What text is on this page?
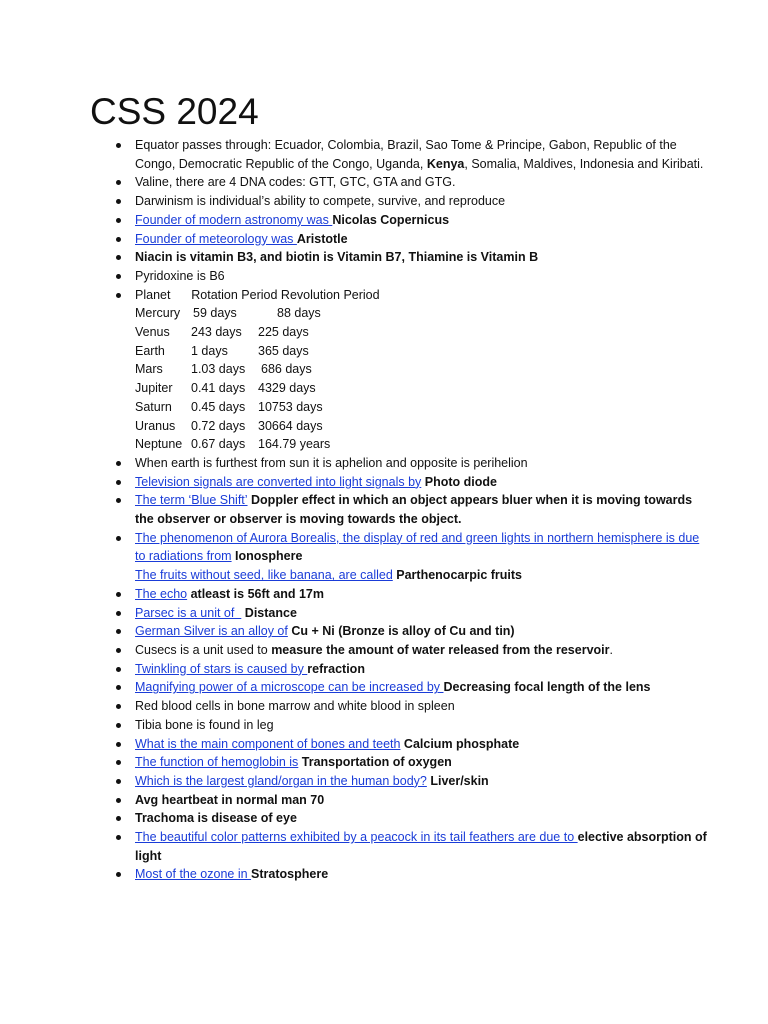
CSS 2024
Equator passes through: Ecuador, Colombia, Brazil, Sao Tome & Principe, Gabon, Republic of the Congo, Democratic Republic of the Congo, Uganda, Kenya, Somalia, Maldives, Indonesia and Kiribati.
Valine, there are 4 DNA codes: GTT, GTC, GTA and GTG.
Darwinism is individual’s ability to compete, survive, and reproduce
Founder of modern astronomy was Nicolas Copernicus
Founder of meteorology was Aristotle
Niacin is vitamin B3, and biotin is Vitamin B7, Thiamine is Vitamin B
Pyridoxine is B6
Planet      Rotation Period Revolution Period
Mercury	59 days	88 days
Venus	243 days	225 days
Earth	1 days	365 days
Mars	1.03 days	686 days
Jupiter	0.41 days	4329 days
Saturn	0.45 days	10753 days
Uranus	0.72 days	30664 days
Neptune 0.67 days	164.79 years
When earth is furthest from sun it is aphelion and opposite is perihelion
Television signals are converted into light signals by Photo diode
The term ‘Blue Shift’ Doppler effect in which an object appears bluer when it is moving towards the observer or observer is moving towards the object.
The phenomenon of Aurora Borealis, the display of red and green lights in northern hemisphere is due to radiations from Ionosphere
The fruits without seed, like banana, are called Parthenocarpic fruits
The echo atleast is 56ft and 17m
Parsec is a unit of   Distance
German Silver is an alloy of Cu + Ni (Bronze is alloy of Cu and tin)
Cusecs is a unit used to measure the amount of water released from the reservoir.
Twinkling of stars is caused by refraction
Magnifying power of a microscope can be increased by Decreasing focal length of the lens
Red blood cells in bone marrow and white blood in spleen
Tibia bone is found in leg
What is the main component of bones and teeth Calcium phosphate
The function of hemoglobin is Transportation of oxygen
Which is the largest gland/organ in the human body? Liver/skin
Avg heartbeat in normal man 70
Trachoma is disease of eye
The beautiful color patterns exhibited by a peacock in its tail feathers are due to elective absorption of light
Most of the ozone in Stratosphere
